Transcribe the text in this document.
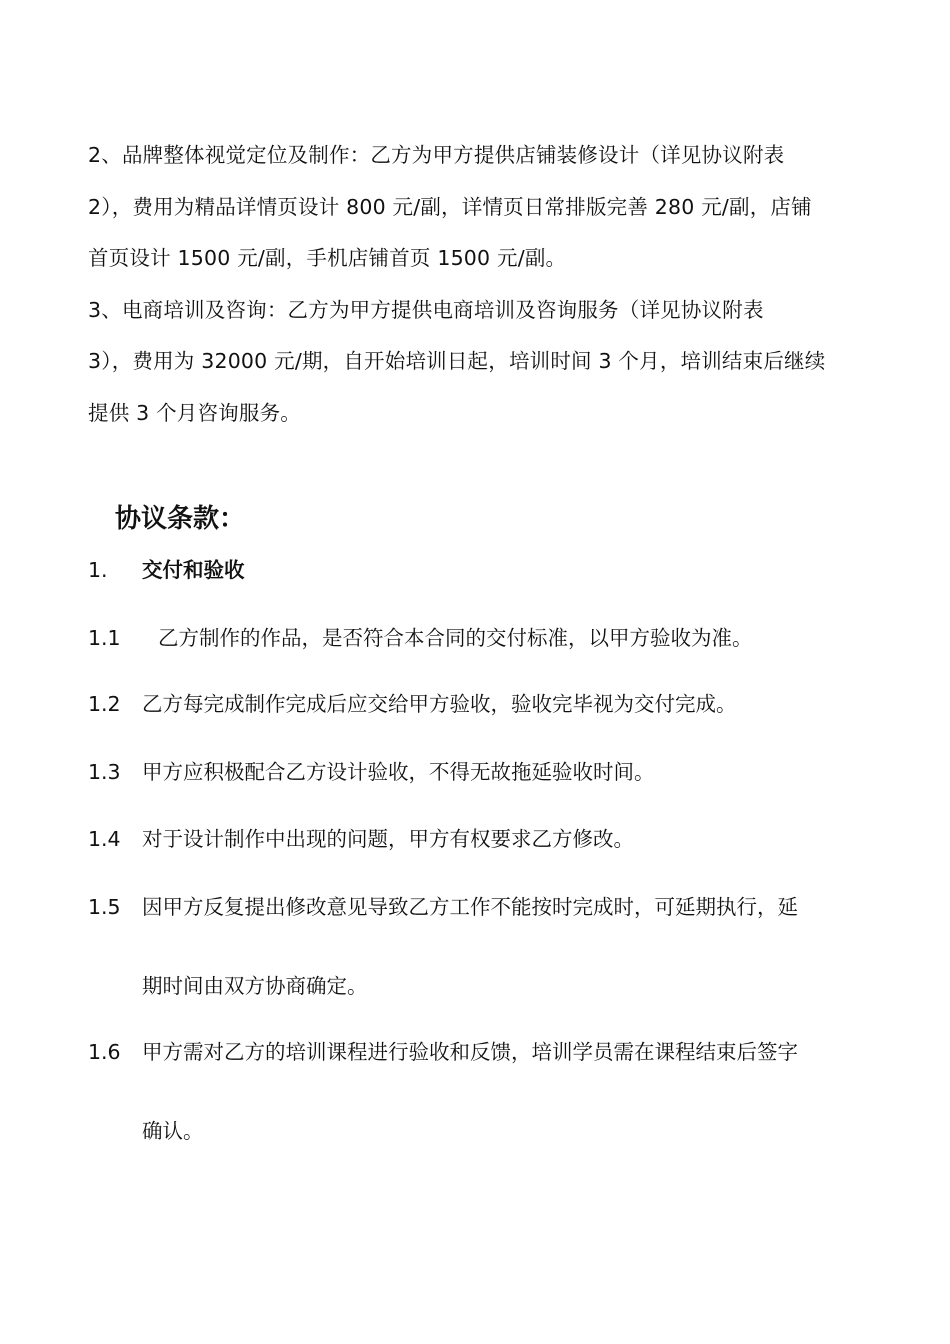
2、品牌整体视觉定位及制作：乙方为甲方提供店铺装修设计（详见协议附表
2），费用为精品详情页设计 800 元/副，详情页日常排版完善 280 元/副，店铺
首页设计 1500 元/副，手机店铺首页 1500 元/副。
3、电商培训及咨询：乙方为甲方提供电商培训及咨询服务（详见协议附表
3），费用为 32000 元/期，自开始培训日起，培训时间 3 个月，培训结束后继续
提供 3 个月咨询服务。
协议条款：
1. 交付和验收
1.1 乙方制作的作品，是否符合本合同的交付标准，以甲方验收为准。
1.2 乙方每完成制作完成后应交给甲方验收，验收完毕视为交付完成。
1.3 甲方应积极配合乙方设计验收，不得无故拖延验收时间。
1.4 对于设计制作中出现的问题，甲方有权要求乙方修改。
1.5 因甲方反复提出修改意见导致乙方工作不能按时完成时，可延期执行，延
期时间由双方协商确定。
1.6 甲方需对乙方的培训课程进行验收和反馈，培训学员需在课程结束后签字
确认。
